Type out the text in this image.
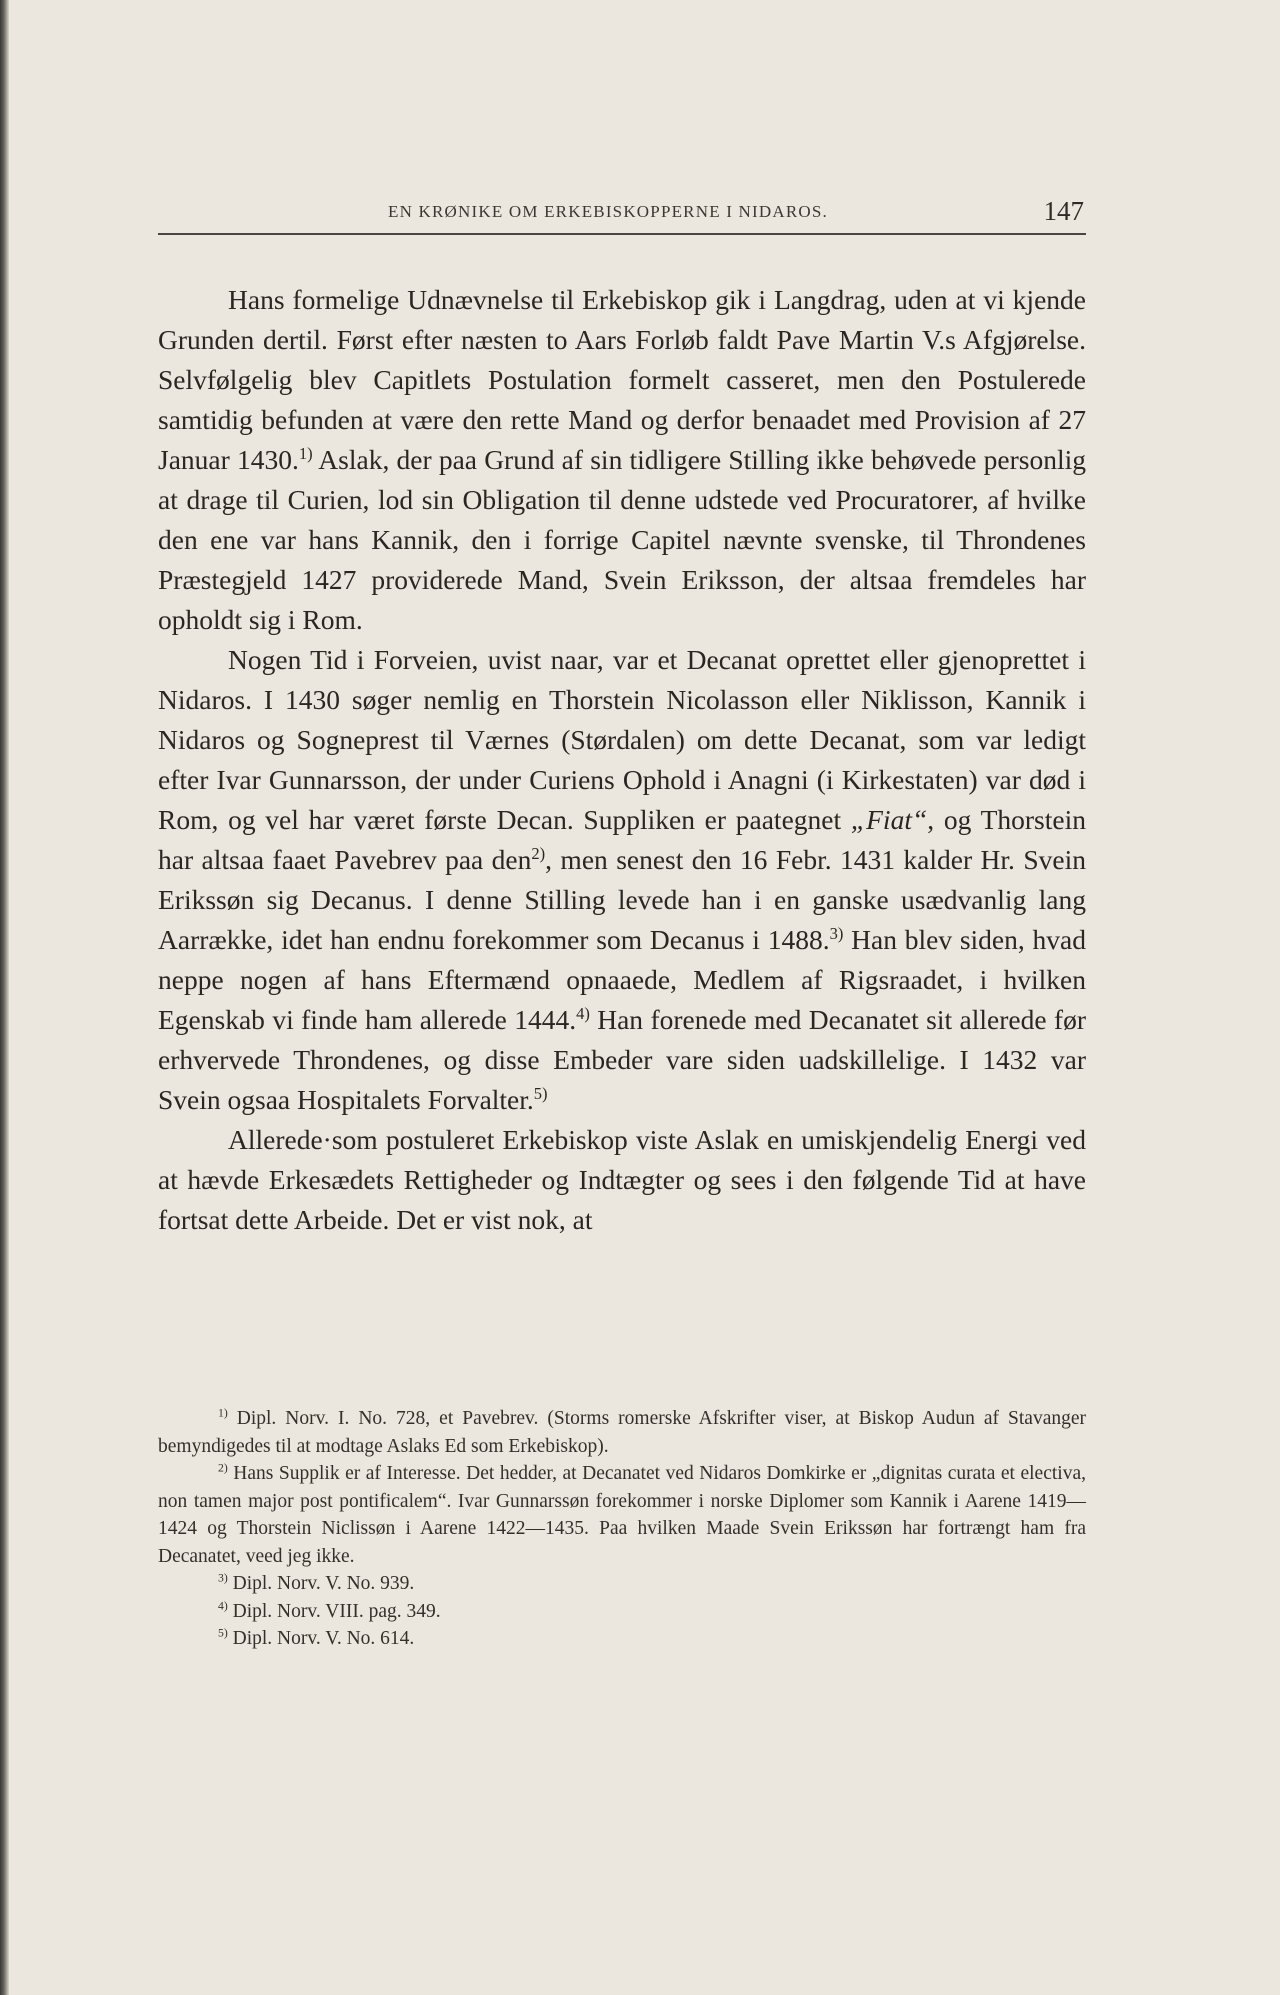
EN KRØNIKE OM ERKEBISKOPPERNE I NIDAROS.	147

Hans formelige Udnævnelse til Erkebiskop gik i Langdrag, uden at vi kjende Grunden dertil. Først efter næsten to Aars Forløb faldt Pave Martin V.s Afgjørelse. Selvfølgelig blev Capitlets Postulation formelt casseret, men den Postulerede samtidig befunden at være den rette Mand og derfor benaadet med Provision af 27 Januar 1430.$^{1)}$ Aslak, der paa Grund af sin tidligere Stilling ikke behøvede personlig at drage til Curien, lod sin Obligation til denne udstede ved Procuratorer, af hvilke den ene var hans Kannik, den i forrige Capitel nævnte svenske, til Throndenes Præstegjeld 1427 providerede Mand, Svein Eriksson, der altsaa fremdeles har opholdt sig i Rom.

Nogen Tid i Forveien, uvist naar, var et Decanat oprettet eller gjenoprettet i Nidaros. I 1430 søger nemlig en Thorstein Nicolasson eller Niklisson, Kannik i Nidaros og Sogneprest til Værnes (Størdalen) om dette Decanat, som var ledigt efter Ivar Gunnarsson, der under Curiens Ophold i Anagni (i Kirkestaten) var død i Rom, og vel har været første Decan. Suppliken er paategnet „Fiat“, og Thorstein har altsaa faaet Pavebrev paa den$^{2)}$, men senest den 16 Febr. 1431 kalder Hr. Svein Erikssøn sig Decanus. I denne Stilling levede han i en ganske usædvanlig lang Aarrække, idet han endnu forekommer som Decanus i 1488.$^{3)}$ Han blev siden, hvad neppe nogen af hans Eftermænd opnaaede, Medlem af Rigsraadet, i hvilken Egenskab vi finde ham allerede 1444.$^{4)}$ Han forenede med Decanatet sit allerede før erhvervede Throndenes, og disse Embeder vare siden uadskillelige. I 1432 var Svein ogsaa Hospitalets Forvalter.$^{5)}$

Allerede·som postuleret Erkebiskop viste Aslak en umiskjendelig Energi ved at hævde Erkesædets Rettigheder og Indtægter og sees i den følgende Tid at have fortsat dette Arbeide. Det er vist nok, at

$^{1)}$ Dipl. Norv. I. No. 728, et Pavebrev. (Storms romerske Afskrifter viser, at Biskop Audun af Stavanger bemyndigedes til at modtage Aslaks Ed som Erkebiskop).

$^{2)}$ Hans Supplik er af Interesse. Det hedder, at Decanatet ved Nidaros Domkirke er „dignitas curata et electiva, non tamen major post pontificalem“. Ivar Gunnarssøn forekommer i norske Diplomer som Kannik i Aarene 1419—1424 og Thorstein Niclissøn i Aarene 1422—1435. Paa hvilken Maade Svein Erikssøn har fortrængt ham fra Decanatet, veed jeg ikke.

$^{3)}$ Dipl. Norv. V. No. 939.

$^{4)}$ Dipl. Norv. VIII. pag. 349.

$^{5)}$ Dipl. Norv. V. No. 614.
